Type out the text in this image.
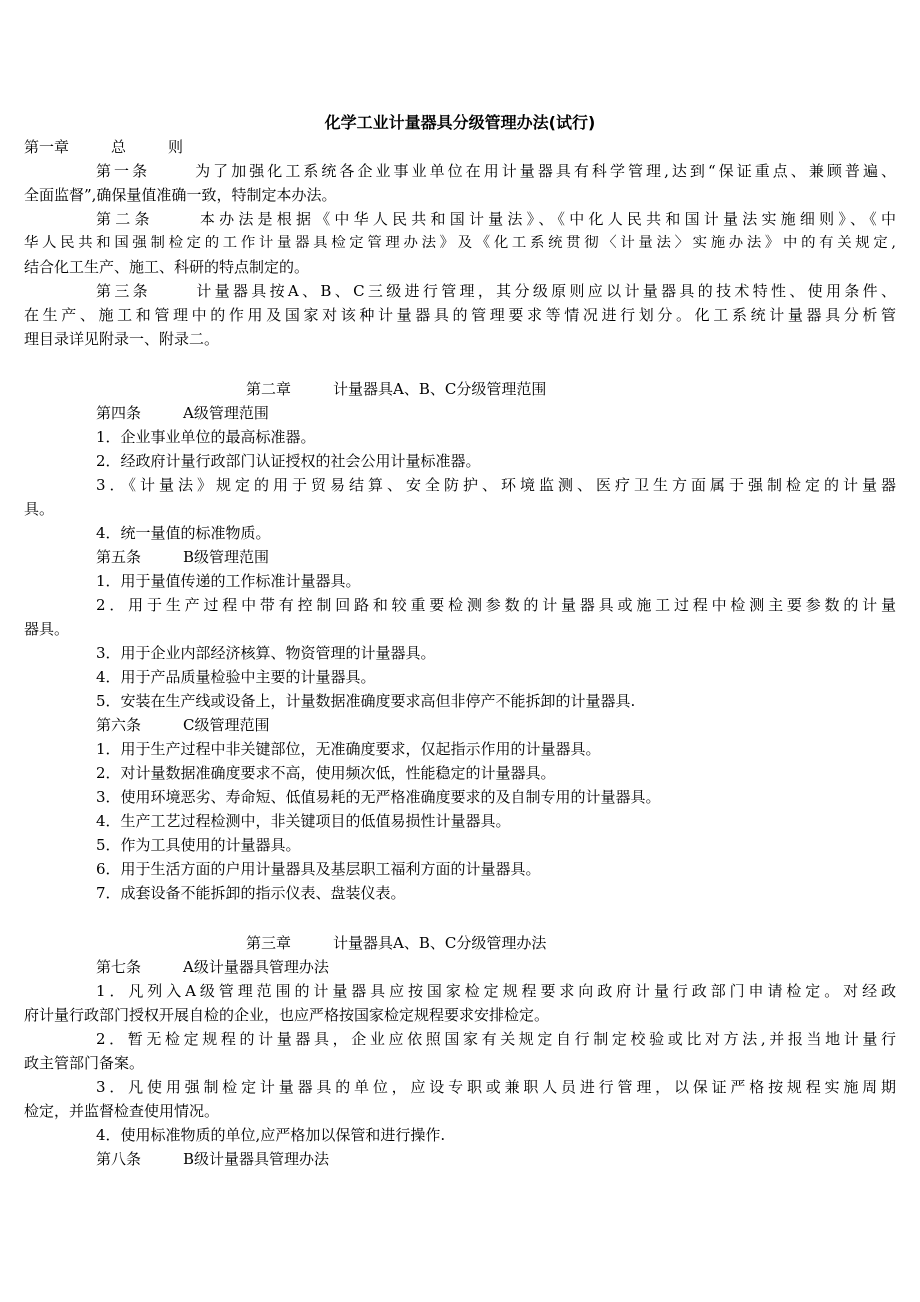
化学工业计量器具分级管理办法(试行)
第一章	总	则
第一条	为了加强化工系统各企业事业单位在用计量器具有科学管理,达到“保证重点、兼顾普遍、
全面监督”,确保量值准确一致，特制定本办法。
第二条	本办法是根据《中华人民共和国计量法》、《中化人民共和国计量法实施细则》、《中
华人民共和国强制检定的工作计量器具检定管理办法》及《化工系统贯彻〈计量法〉实施办法》中的有关规定,
结合化工生产、施工、科研的特点制定的。
第三条	计量器具按A、B、C三级进行管理，其分级原则应以计量器具的技术特性、使用条件、
在生产、施工和管理中的作用及国家对该种计量器具的管理要求等情况进行划分。化工系统计量器具分析管
理目录详见附录一、附录二。
第二章	计量器具A、B、C分级管理范围
第四条	A级管理范围
1．企业事业单位的最高标准器。
2．经政府计量行政部门认证授权的社会公用计量标准器。
3．《计量法》规定的用于贸易结算、安全防护、环境监测、医疗卫生方面属于强制检定的计量器
具。
4．统一量值的标准物质。
第五条	B级管理范围
1．用于量值传递的工作标准计量器具。
2．用于生产过程中带有控制回路和较重要检测参数的计量器具或施工过程中检测主要参数的计量
器具。
3．用于企业内部经济核算、物资管理的计量器具。
4．用于产品质量检验中主要的计量器具。
5．安装在生产线或设备上，计量数据准确度要求高但非停产不能拆卸的计量器具.
第六条	C级管理范围
1．用于生产过程中非关键部位，无准确度要求，仅起指示作用的计量器具。
2．对计量数据准确度要求不高，使用频次低，性能稳定的计量器具。
3．使用环境恶劣、寿命短、低值易耗的无严格准确度要求的及自制专用的计量器具。
4．生产工艺过程检测中，非关键项目的低值易损性计量器具。
5．作为工具使用的计量器具。
6．用于生活方面的户用计量器具及基层职工福利方面的计量器具。
7．成套设备不能拆卸的指示仪表、盘装仪表。
第三章	计量器具A、B、C分级管理办法
第七条	A级计量器具管理办法
1．凡列入A级管理范围的计量器具应按国家检定规程要求向政府计量行政部门申请检定。对经政
府计量行政部门授权开展自检的企业，也应严格按国家检定规程要求安排检定。
2．暂无检定规程的计量器具，企业应依照国家有关规定自行制定校验或比对方法,并报当地计量行
政主管部门备案。
3．凡使用强制检定计量器具的单位，应设专职或兼职人员进行管理，以保证严格按规程实施周期
检定，并监督检查使用情况。
4．使用标准物质的单位,应严格加以保管和进行操作.
第八条	B级计量器具管理办法
